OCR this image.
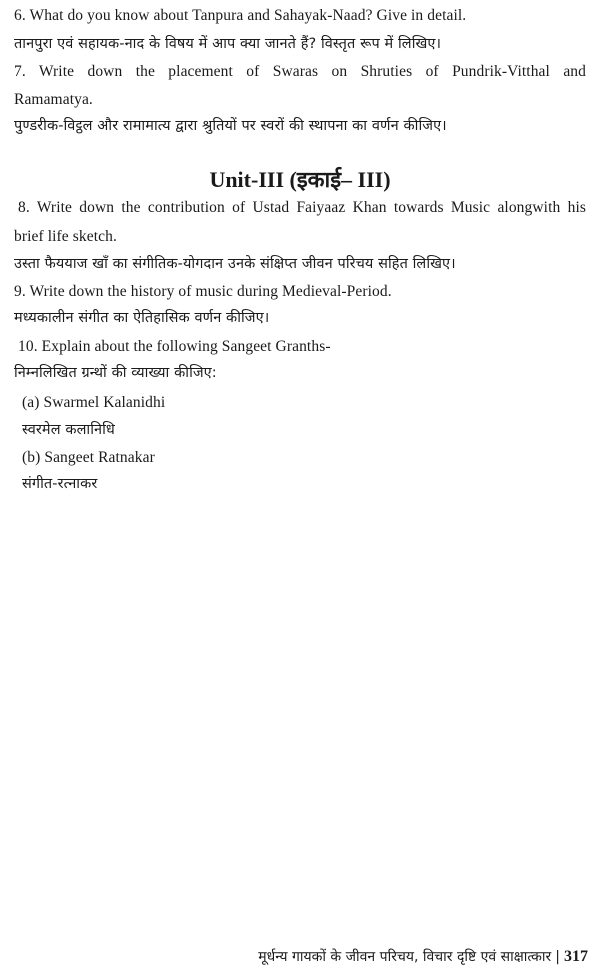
6. What do you know about Tanpura and Sahayak-Naad? Give in detail.
तानपुरा एवं सहायक-नाद के विषय में आप क्या जानते हैं? विस्तृत रूप में लिखिए।
7. Write down the placement of Swaras on Shruties of Pundrik-Vitthal and
Ramamatya.
पुण्डरीक-विट्ठल और रामामात्य द्वारा श्रुतियों पर स्वरों की स्थापना का वर्णन कीजिए।
Unit-III (इकाई– III)
8. Write down the contribution of Ustad Faiyaaz Khan towards Music alongwith his
brief life sketch.
उस्ता फैययाज खाँ का संगीतिक-योगदान उनके संक्षिप्त जीवन परिचय सहित लिखिए।
9. Write down the history of music during Medieval-Period.
मध्यकालीन संगीत का ऐतिहासिक वर्णन कीजिए।
10. Explain about the following Sangeet Granths-
निम्नलिखित ग्रन्थों की व्याख्या कीजिए:
(a) Swarmel Kalanidhi
स्वरमेल कलानिधि
(b) Sangeet Ratnakar
संगीत-रत्नाकर
मूर्धन्य गायकों के जीवन परिचय, विचार दृष्टि एवं साक्षात्कार | 317
